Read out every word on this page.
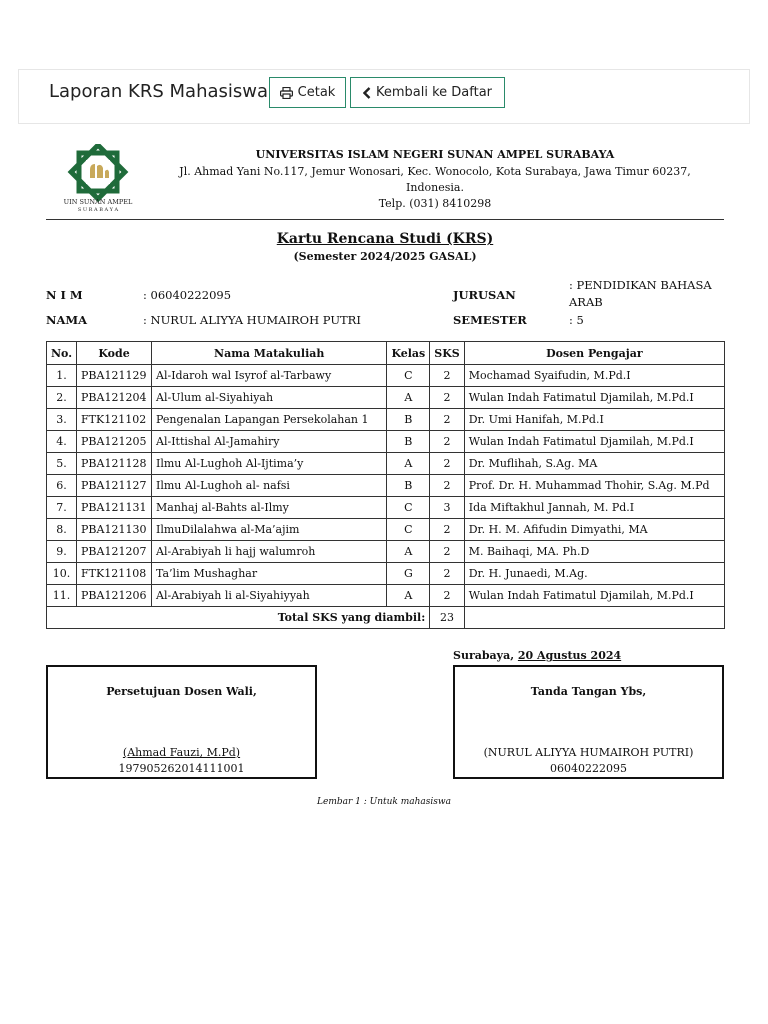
Laporan KRS Mahasiswa Cetak	Kembali ke Daftar
UIN SUNAN AMPEL
S U R A B A Y A
UNIVERSITAS ISLAM NEGERI SUNAN AMPEL SURABAYA
Jl. Ahmad Yani No.117, Jemur Wonosari, Kec. Wonocolo, Kota Surabaya, Jawa Timur 60237, Indonesia.
Telp. (031) 8410298
Kartu Rencana Studi (KRS)
(Semester 2024/2025 GASAL)
N I M	: 06040222095
NAMA	: NURUL ALIYYA HUMAIROH PUTRI
JURUSAN
: PENDIDIKAN BAHASA ARAB
SEMESTER	: 5
No.	Kode	Nama Matakuliah	Kelas	SKS	Dosen Pengajar
1.	PBA121129	Al-Idaroh wal Isyrof al-Tarbawy	C	2	Mochamad Syaifudin, M.Pd.I
2.	PBA121204	Al-Ulum al-Siyahiyah	A	2	Wulan Indah Fatimatul Djamilah, M.Pd.I
3.	FTK121102	Pengenalan Lapangan Persekolahan 1	B	2	Dr. Umi Hanifah, M.Pd.I
4.	PBA121205	Al-Ittishal Al-Jamahiry	B	2	Wulan Indah Fatimatul Djamilah, M.Pd.I
5.	PBA121128	Ilmu Al-Lughoh Al-Ijtima’y	A	2	Dr. Muflihah, S.Ag. MA
6.	PBA121127	Ilmu Al-Lughoh al- nafsi	B	2	Prof. Dr. H. Muhammad Thohir, S.Ag. M.Pd
7.	PBA121131	Manhaj al-Bahts al-Ilmy	C	3	Ida Miftakhul Jannah, M. Pd.I
8.	PBA121130	IlmuDilalahwa al-Ma’ajim	C	2	Dr. H. M. Afifudin Dimyathi, MA
9.	PBA121207	Al-Arabiyah li hajj walumroh	A	2	M. Baihaqi, MA. Ph.D
10.	FTK121108	Ta’lim Mushaghar	G	2	Dr. H. Junaedi, M.Ag.
11.	PBA121206	Al-Arabiyah li al-Siyahiyyah	A	2	Wulan Indah Fatimatul Djamilah, M.Pd.I
Total SKS yang diambil:				23	
Surabaya, 20 Agustus 2024
Persetujuan Dosen Wali,
(Ahmad Fauzi, M.Pd)
197905262014111001
Tanda Tangan Ybs,
(NURUL ALIYYA HUMAIROH PUTRI)
06040222095
Lembar 1 : Untuk mahasiswa
